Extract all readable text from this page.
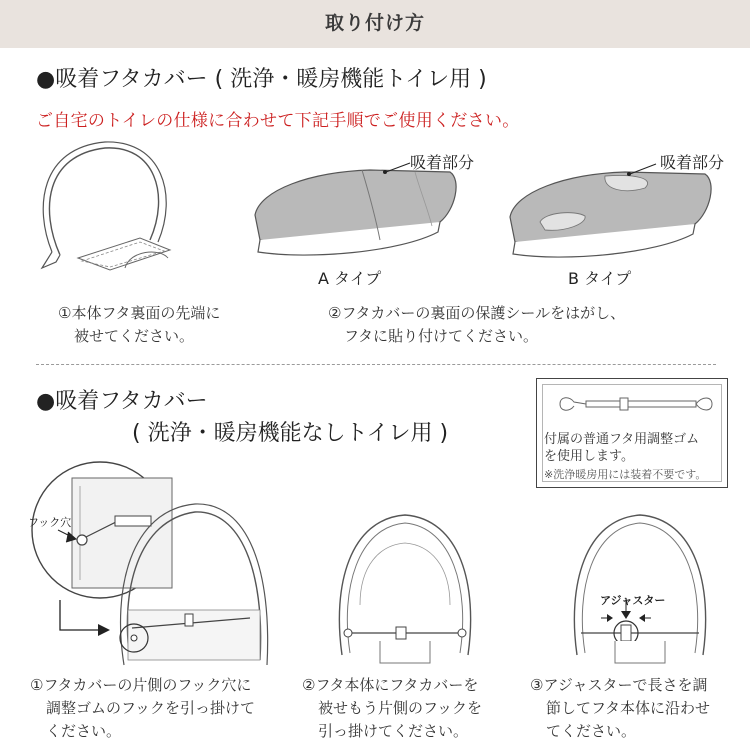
取り付け方
●吸着フタカバー ( 洗浄・暖房機能トイレ用 )
ご自宅のトイレの仕様に合わせて下記手順でご使用ください。
吸着部分
A タイプ
吸着部分
B タイプ
①本体フタ裏面の先端に
被せてください。
②フタカバーの裏面の保護シールをはがし、
フタに貼り付けてください。
●吸着フタカバー
( 洗浄・暖房機能なしトイレ用 )	付属の普通フタ用調整ゴム
を使用します。
※洗浄暖房用には装着不要です。
フック穴
アジャスター
①フタカバーの片側のフック穴に
調整ゴムのフックを引っ掛けて
ください。
②フタ本体にフタカバーを
被せもう片側のフックを
引っ掛けてください。
③アジャスターで長さを調
節してフタ本体に沿わせ
てください。
